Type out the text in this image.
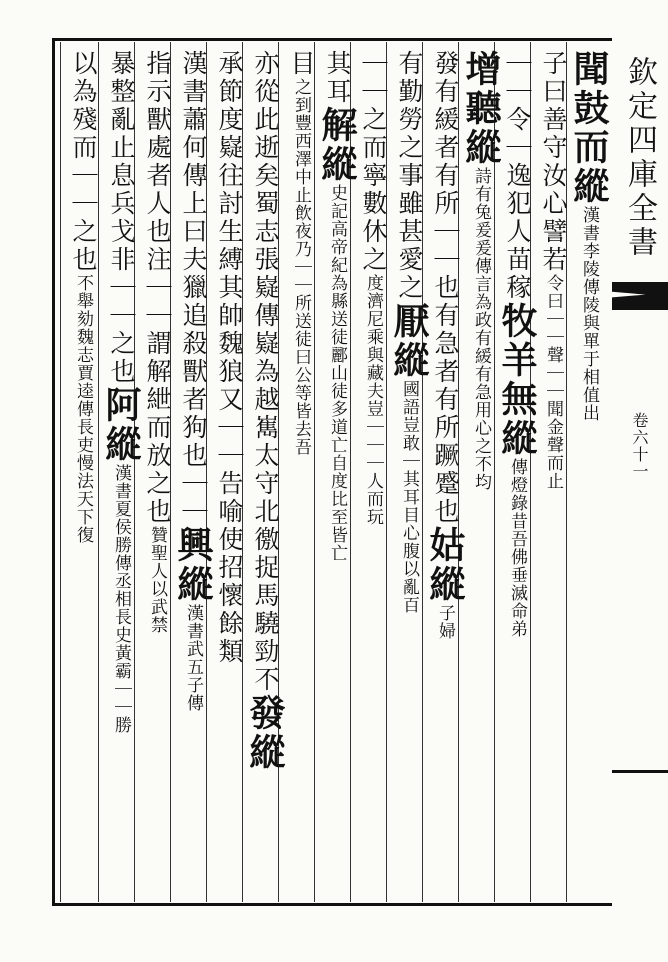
欽定四庫全書
卷六十一
聞鼓而縱漢書李陵傳陵與單于相值出
子曰善守汝心譬若令曰｜｜聲｜｜聞金聲而止
｜｜令｜逸犯人苗稼牧羊無縱傳燈錄昔吾佛垂滅命弟
增聽縱詩有兔爰爰傳言為政有緩有急用心之不均
發有緩者有所｜｜也有急者有所蹶蹙也姑縱子婦
有勤勞之事雖甚愛之厭縱國語豈敢｜其耳目心腹以亂百
｜｜之而寧數休之度濟尼乘與藏夫豈｜｜｜人而玩
其耳解縱史記高帝紀為縣送徒酈山徒多道亡自度比至皆亡
目之到豐西澤中止飲夜乃｜｜所送徒曰公等皆去吾
亦從此逝矣蜀志張嶷傳嶷為越嶲太守北徼捉馬驍勁不發縱
承節度嶷往討生縛其帥魏狼又｜｜告喻使招懷餘類
漢書蕭何傳上曰夫獵追殺獸者狗也｜｜興縱漢書武五子傳
指示獸處者人也注｜｜謂解紲而放之也贊聖人以武禁
暴整亂止息兵戈非｜｜之也阿縱漢書夏侯勝傳丞相長史黃霸｜｜勝
以為殘而｜｜之也不舉劾魏志賈逵傳長吏慢法天下復
